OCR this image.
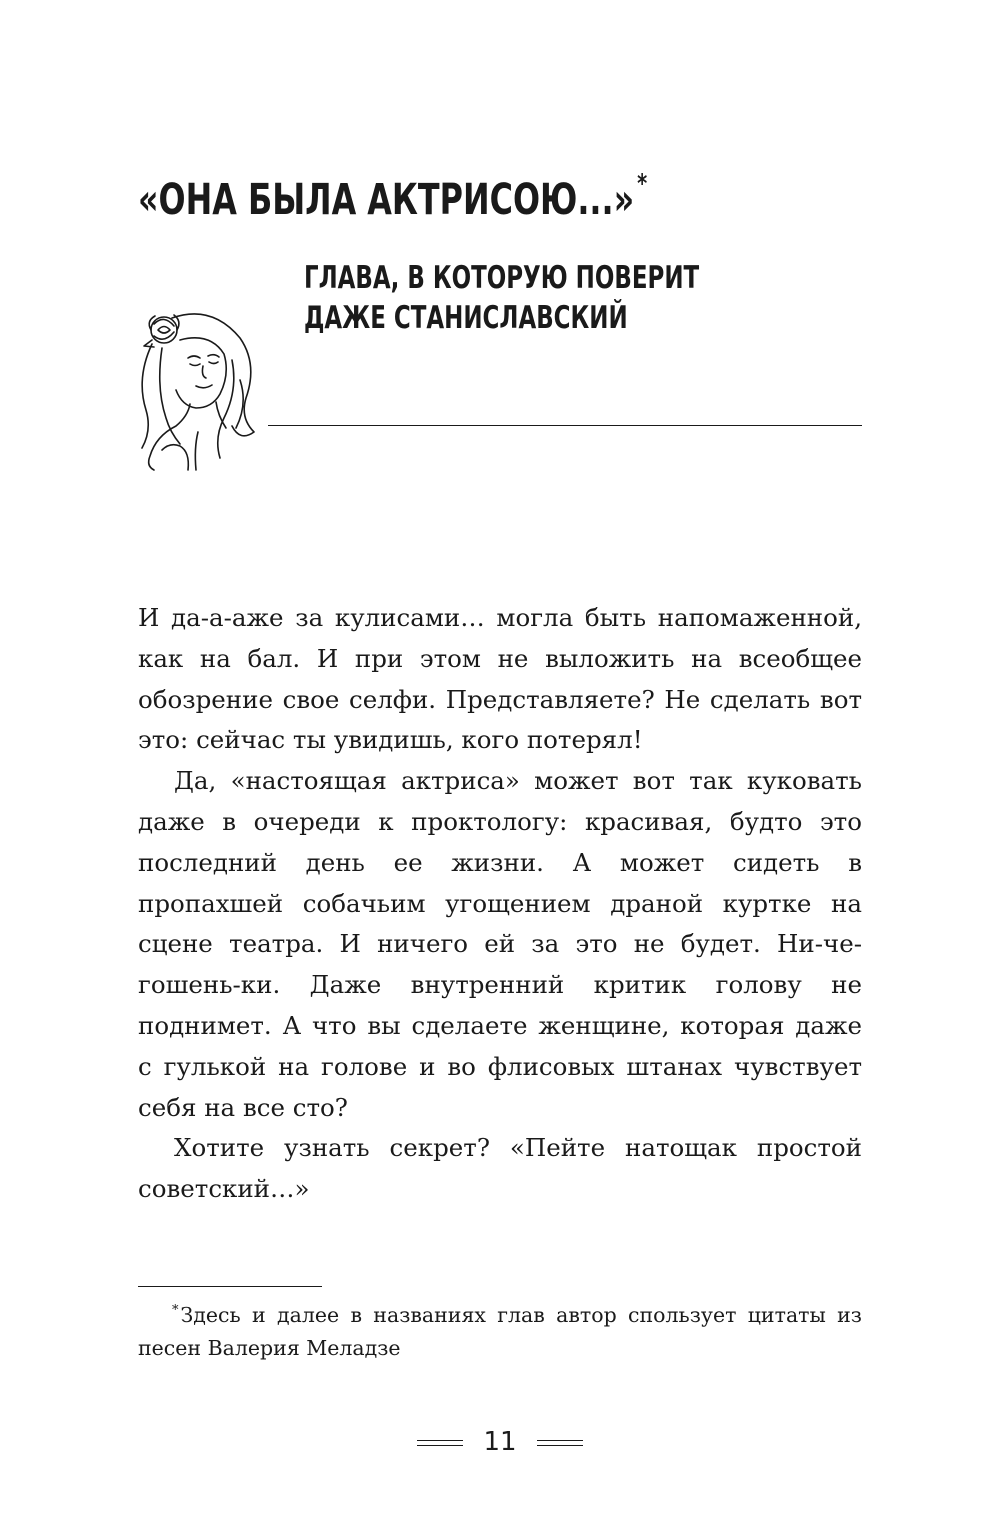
«ОНА БЫЛА АКТРИСОЮ...» *
ГЛАВА, В КОТОРУЮ ПОВЕРИТ
ДАЖЕ СТАНИСЛАВСКИЙ

И да-а-аже за кулисами… могла быть напомаженной, как на бал. И при этом не выложить на всеобщее обозрение свое селфи. Представляете? Не сделать вот это: сейчас ты увидишь, кого потерял!

Да, «настоящая актриса» может вот так куковать даже в очереди к проктологу: красивая, будто это последний день ее жизни. А может сидеть в пропахшей собачьим угощением драной куртке на сцене театра. И ничего ей за это не будет. Ни-че-гошень-ки. Даже внутренний критик голову не поднимет. А что вы сделаете женщине, которая даже с гулькой на голове и во флисовых штанах чувствует себя на все сто?

Хотите узнать секрет? «Пейте натощак простой советский…»

*Здесь и далее в названиях глав автор спользует цитаты из песен Валерия Меладзе
11
